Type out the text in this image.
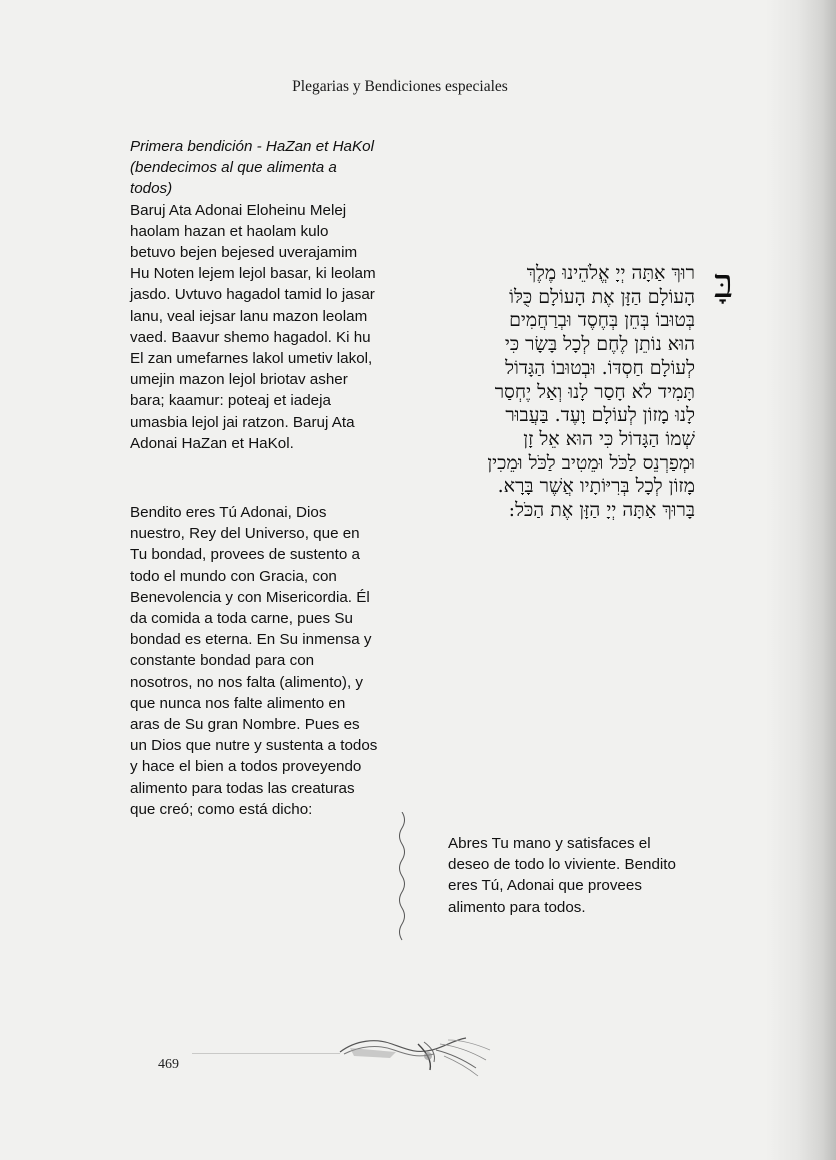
Plegarias y Bendiciones especiales

Primera bendición - HaZan et HaKol (bendecimos al que alimenta a todos)

Baruj Ata Adonai Eloheinu Melej haolam hazan et haolam kulo betuvo bejen bejesed uverajamim Hu Noten lejem lejol basar, ki leolam jasdo. Uvtuvo hagadol tamid lo jasar lanu, veal iejsar lanu mazon leolam vaed. Baavur shemo hagadol. Ki hu El zan umefarnes lakol umetiv lakol, umejin mazon lejol briotav asher bara; kaamur: poteaj et iadeja umasbia lejol jai ratzon. Baruj Ata Adonai HaZan et HaKol.

Bendito eres Tú Adonai, Dios nuestro, Rey del Universo, que en Tu bondad, provees de sustento a todo el mundo con Gracia, con Benevolencia y con Misericordia. Él da comida a toda carne, pues Su bondad es eterna. En Su inmensa y constante bondad para con nosotros, no nos falta (alimento), y que nunca nos falte alimento en aras de Su gran Nombre. Pues es un Dios que nutre y sustenta a todos y hace el bien a todos proveyendo alimento para todas las creaturas que creó; como está dicho:

בָּ
רוּךְ אַתָּה יְיָ אֱלֹהֵינוּ מֶלֶךְ
הָעוֹלָם הַזָּן אֶת הָעוֹלָם כֻּלּוֹ
בְּטוּבוֹ בְּחֵן בְּחֶסֶד וּבְרַחֲמִים
הוּא נוֹתֵן לֶחֶם לְכָל בָּשָׂר כִּי
לְעוֹלָם חַסְדּוֹ. וּבְטוּבוֹ הַגָּדוֹל
תָּמִיד לֹא חָסַר לָנוּ וְאַל יֶחְסַר
לָנוּ מָזוֹן לְעוֹלָם וָעֶד. בַּעֲבוּר
שְׁמוֹ הַגָּדוֹל כִּי הוּא אֵל זָן
וּמְפַרְנֵס לַכֹּל וּמֵטִיב לַכֹּל וּמֵכִין
מָזוֹן לְכָל בְּרִיּוֹתָיו אֲשֶׁר בָּרָא.
בָּרוּךְ אַתָּה יְיָ הַזָּן אֶת הַכֹּל:

Abres Tu mano y satisfaces el deseo de todo lo viviente. Bendito eres Tú, Adonai que provees alimento para todos.

469
